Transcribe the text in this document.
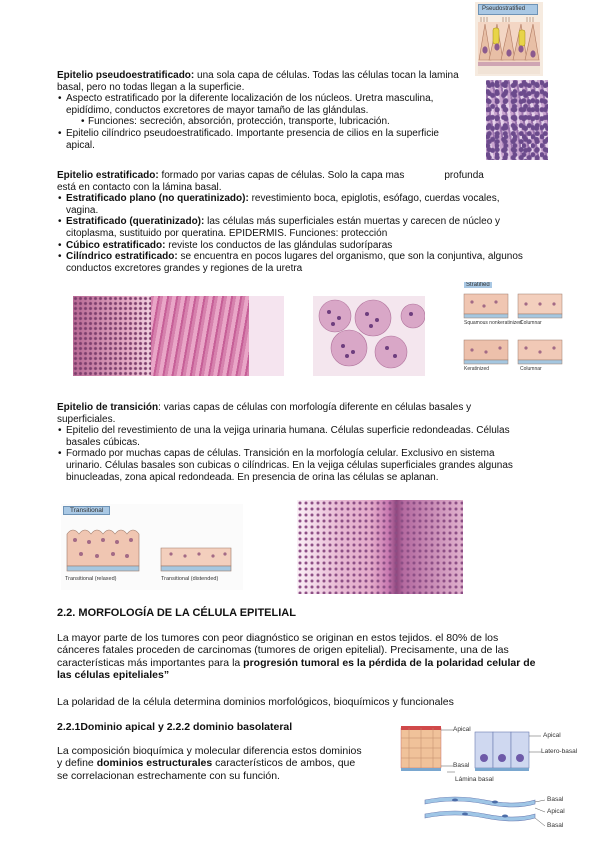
Pseudostratified
Epitelio pseudoestratificado: una sola capa de células. Todas las células tocan la lamina basal, pero no todas llegan a la superficie.
• Aspecto estratificado por la diferente localización de los núcleos. Uretra masculina, epidídimo, conductos excretores de mayor tamaño de las glándulas.
• Funciones: secreción, absorción, protección, transporte, lubricación.
• Epitelio cilíndrico pseudoestratificado. Importante presencia de cilios en la superficie apical.
Epitelio estratificado: formado por varias capas de células. Solo la capa mas	profunda
está en contacto con la lámina basal.
• Estratificado plano (no queratinizado): revestimiento boca, epiglotis, esófago, cuerdas vocales, vagina.
• Estratificado (queratinizado): las células más superficiales están muertas y carecen de núcleo y citoplasma, sustituido por queratina. EPIDERMIS. Funciones: protección
• Cúbico estratificado: reviste los conductos de las glándulas sudoríparas
• Cilíndrico estratificado: se encuentra en pocos lugares del organismo, que son la conjuntiva, algunos conductos excretores grandes y regiones de la uretra
Stratified
Squamous nonkeratinized
Columnar
Keratinized	Columnar
Epitelio de transición: varias capas de células con morfología diferente en células basales y superficiales.
• Epitelio del revestimiento de una la vejiga urinaria humana. Células superficie redondeadas. Células basales cúbicas.
• Formado por muchas capas de células. Transición en la morfología celular. Exclusivo en sistema urinario. Células basales son cubicas o cilíndricas. En la vejiga células superficiales grandes algunas binucleadas, zona apical redondeada. En presencia de orina las células se aplanan.
Transitional
Transitional (relaxed)	Transitional (distended)
2.2. MORFOLOGÍA DE LA CÉLULA EPITELIAL
La mayor parte de los tumores con peor diagnóstico se originan en estos tejidos. el 80% de los cánceres fatales proceden de carcinomas (tumores de origen epitelial). Precisamente, una de las características más importantes para la progresión tumoral es la pérdida de la polaridad celular de las células epiteliales”
La polaridad de la célula determina dominios morfológicos, bioquímicos y funcionales
2.2.1Dominio apical y 2.2.2 dominio basolateral
La composición bioquímica y molecular diferencia estos dominios y define dominios estructurales característicos de ambos, que se correlacionan estrechamente con su función.
Apical
Basal
Lámina basal
Apical
Latero-basal
Basal
Apical
Basal
